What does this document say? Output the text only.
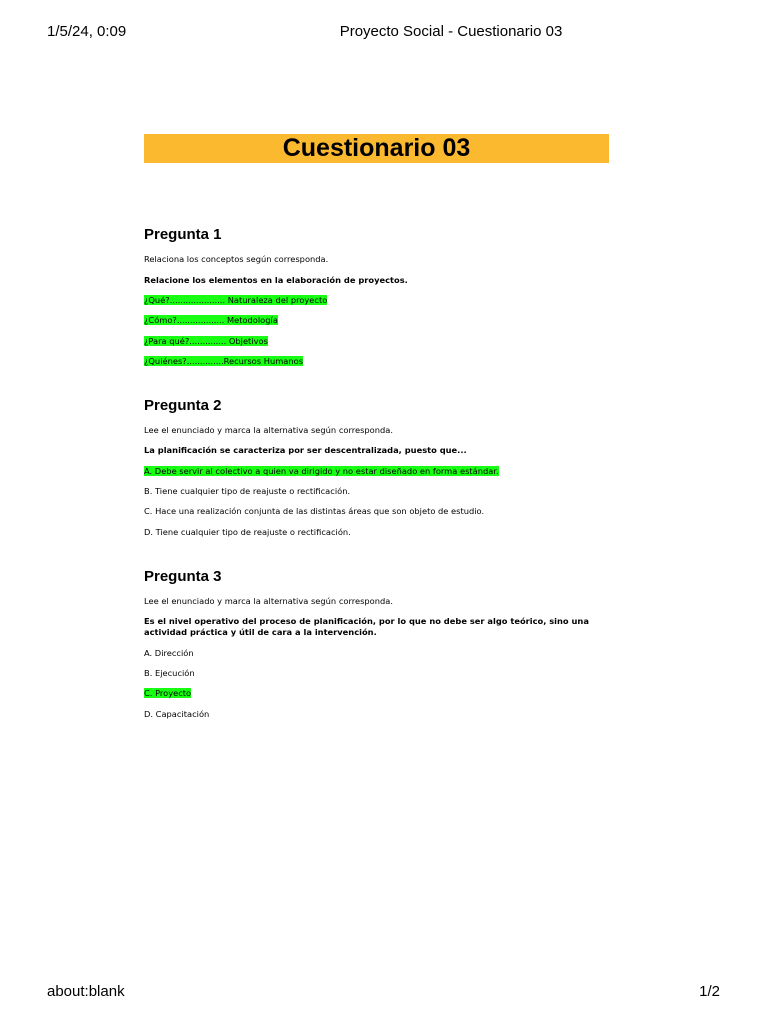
1/5/24, 0:09	Proyecto Social - Cuestionario 03
Cuestionario 03
Pregunta 1
Relaciona los conceptos según corresponda.
Relacione los elementos en la elaboración de proyectos.
¿Qué?..................... Naturaleza del proyecto
¿Cómo?.................. Metodología
¿Para qué?.............. Objetivos
¿Quiénes?..............Recursos Humanos
Pregunta 2
Lee el enunciado y marca la alternativa según corresponda.
La planificación se caracteriza por ser descentralizada, puesto que...
A. Debe servir al colectivo a quien va dirigido y no estar diseñado en forma estándar.
B. Tiene cualquier tipo de reajuste o rectificación.
C. Hace una realización conjunta de las distintas áreas que son objeto de estudio.
D. Tiene cualquier tipo de reajuste o rectificación.
Pregunta 3
Lee el enunciado y marca la alternativa según corresponda.
Es el nivel operativo del proceso de planificación, por lo que no debe ser algo teórico, sino una actividad práctica y útil de cara a la intervención.
A. Dirección
B. Ejecución
C. Proyecto
D. Capacitación
about:blank	1/2
